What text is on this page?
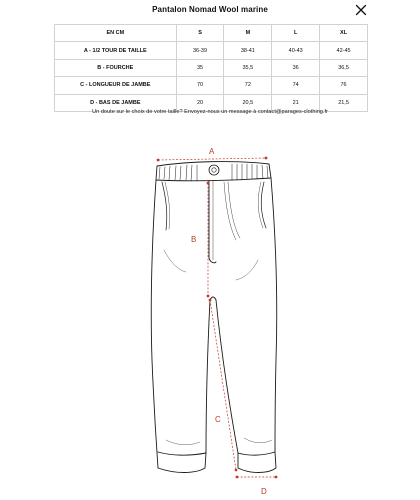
Pantalon Nomad Wool marine
EN CM	S	M	L	XL
A - 1/2 TOUR DE TAILLE	36-39	38-41	40-43	42-45
B - FOURCHE	35	35,5	36	36,5
C - LONGUEUR DE JAMBE	70	72	74	76
D - BAS DE JAMBE	20	20,5	21	21,5
Un doute sur le choix de votre taille? Envoyez-nous un message à contact@parages-clothing.fr
A
B
C
D
